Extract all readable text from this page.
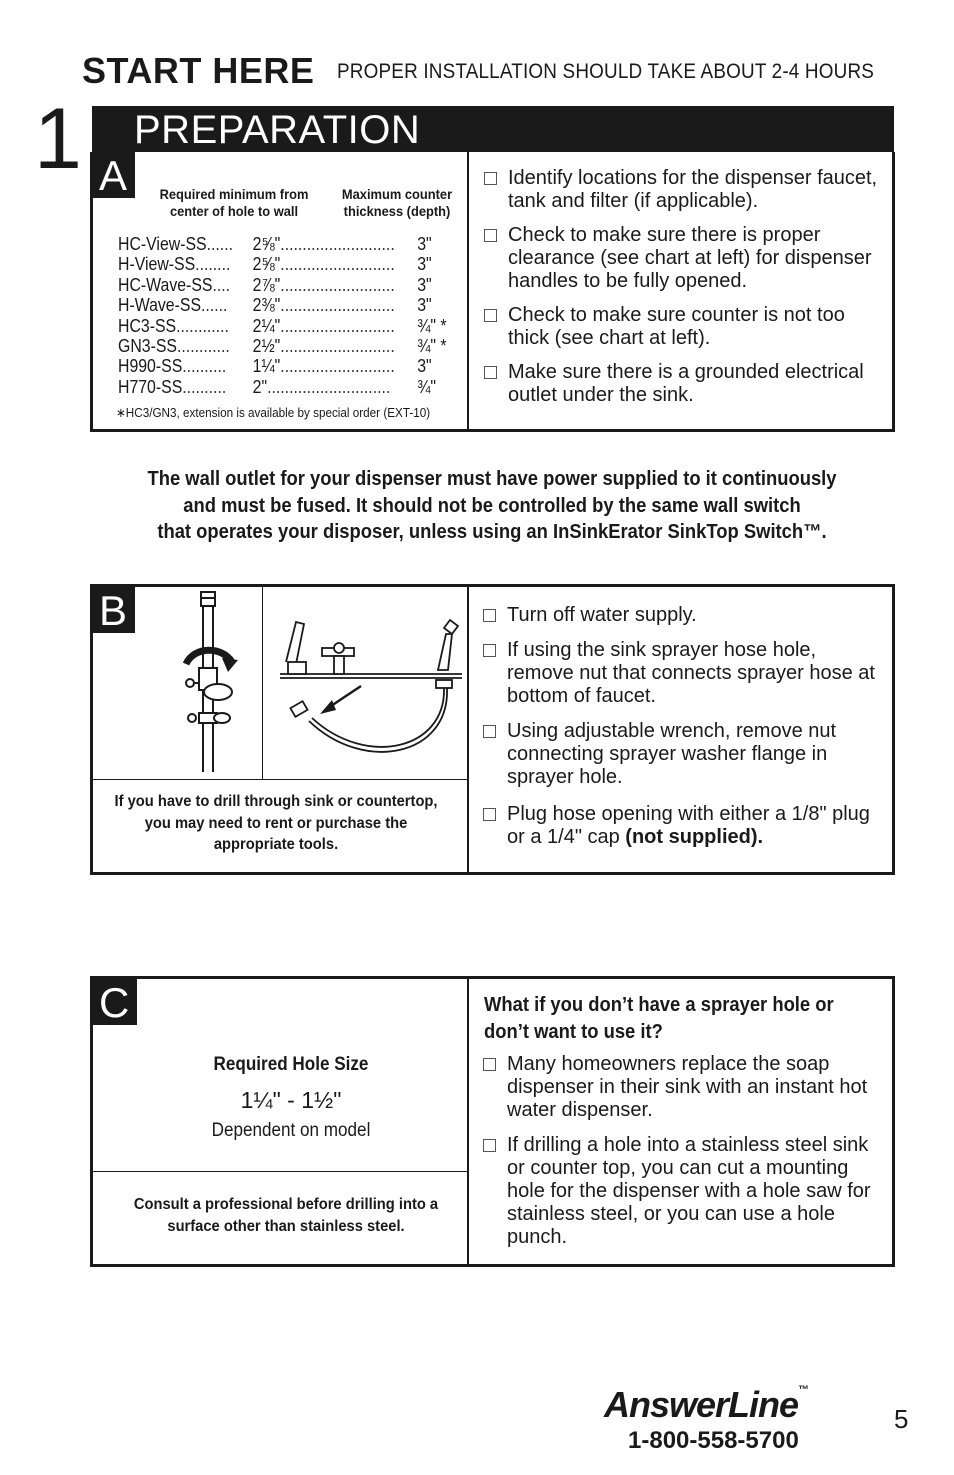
1
START HERE PROPER INSTALLATION SHOULD TAKE ABOUT 2-4 HOURS
PREPARATION
A	Required minimum from center of hole to wall
Maximum counter thickness (depth)
HC-View-SS...... 2⅝".......................... 3"
H-View-SS........ 2⅝".......................... 3"
HC-Wave-SS.... 2⅞".......................... 3"
H-Wave-SS...... 2⅜".......................... 3"
HC3-SS............ 2¼".......................... ¾" *
GN3-SS............ 2½".......................... ¾" *
H990-SS.......... 1¼".......................... 3"
H770-SS.......... 2"............................ ¾"
∗HC3/GN3, extension is available by special order (EXT-10)
Identify locations for the dispenser faucet, tank and filter (if applicable).
Check to make sure there is proper clearance (see chart at left) for dispenser handles to be fully opened.
Check to make sure counter is not too thick (see chart at left).
Make sure there is a grounded electrical outlet under the sink.
The wall outlet for your dispenser must have power supplied to it continuously
and must be fused. It should not be controlled by the same wall switch
that operates your disposer, unless using an InSinkErator SinkTop Switch™.
B
If you have to drill through sink or countertop, you may need to rent or purchase the appropriate tools.
Turn off water supply.
If using the sink sprayer hose hole, remove nut that connects sprayer hose at bottom of faucet.
Using adjustable wrench, remove nut connecting sprayer washer flange in sprayer hole.
Plug hose opening with either a 1/8" plug or a 1/4" cap (not supplied).
C
Required Hole Size
1¼" - 1½"
Dependent on model
Consult a professional before drilling into a surface other than stainless steel.
What if you don’t have a sprayer hole or don’t want to use it?
Many homeowners replace the soap dispenser in their sink with an instant hot water dispenser.
If drilling a hole into a stainless steel sink or counter top, you can cut a mounting hole for the dispenser with a hole saw for stainless steel, or you can use a hole punch.
AnswerLine™
1-800-558-5700
5
